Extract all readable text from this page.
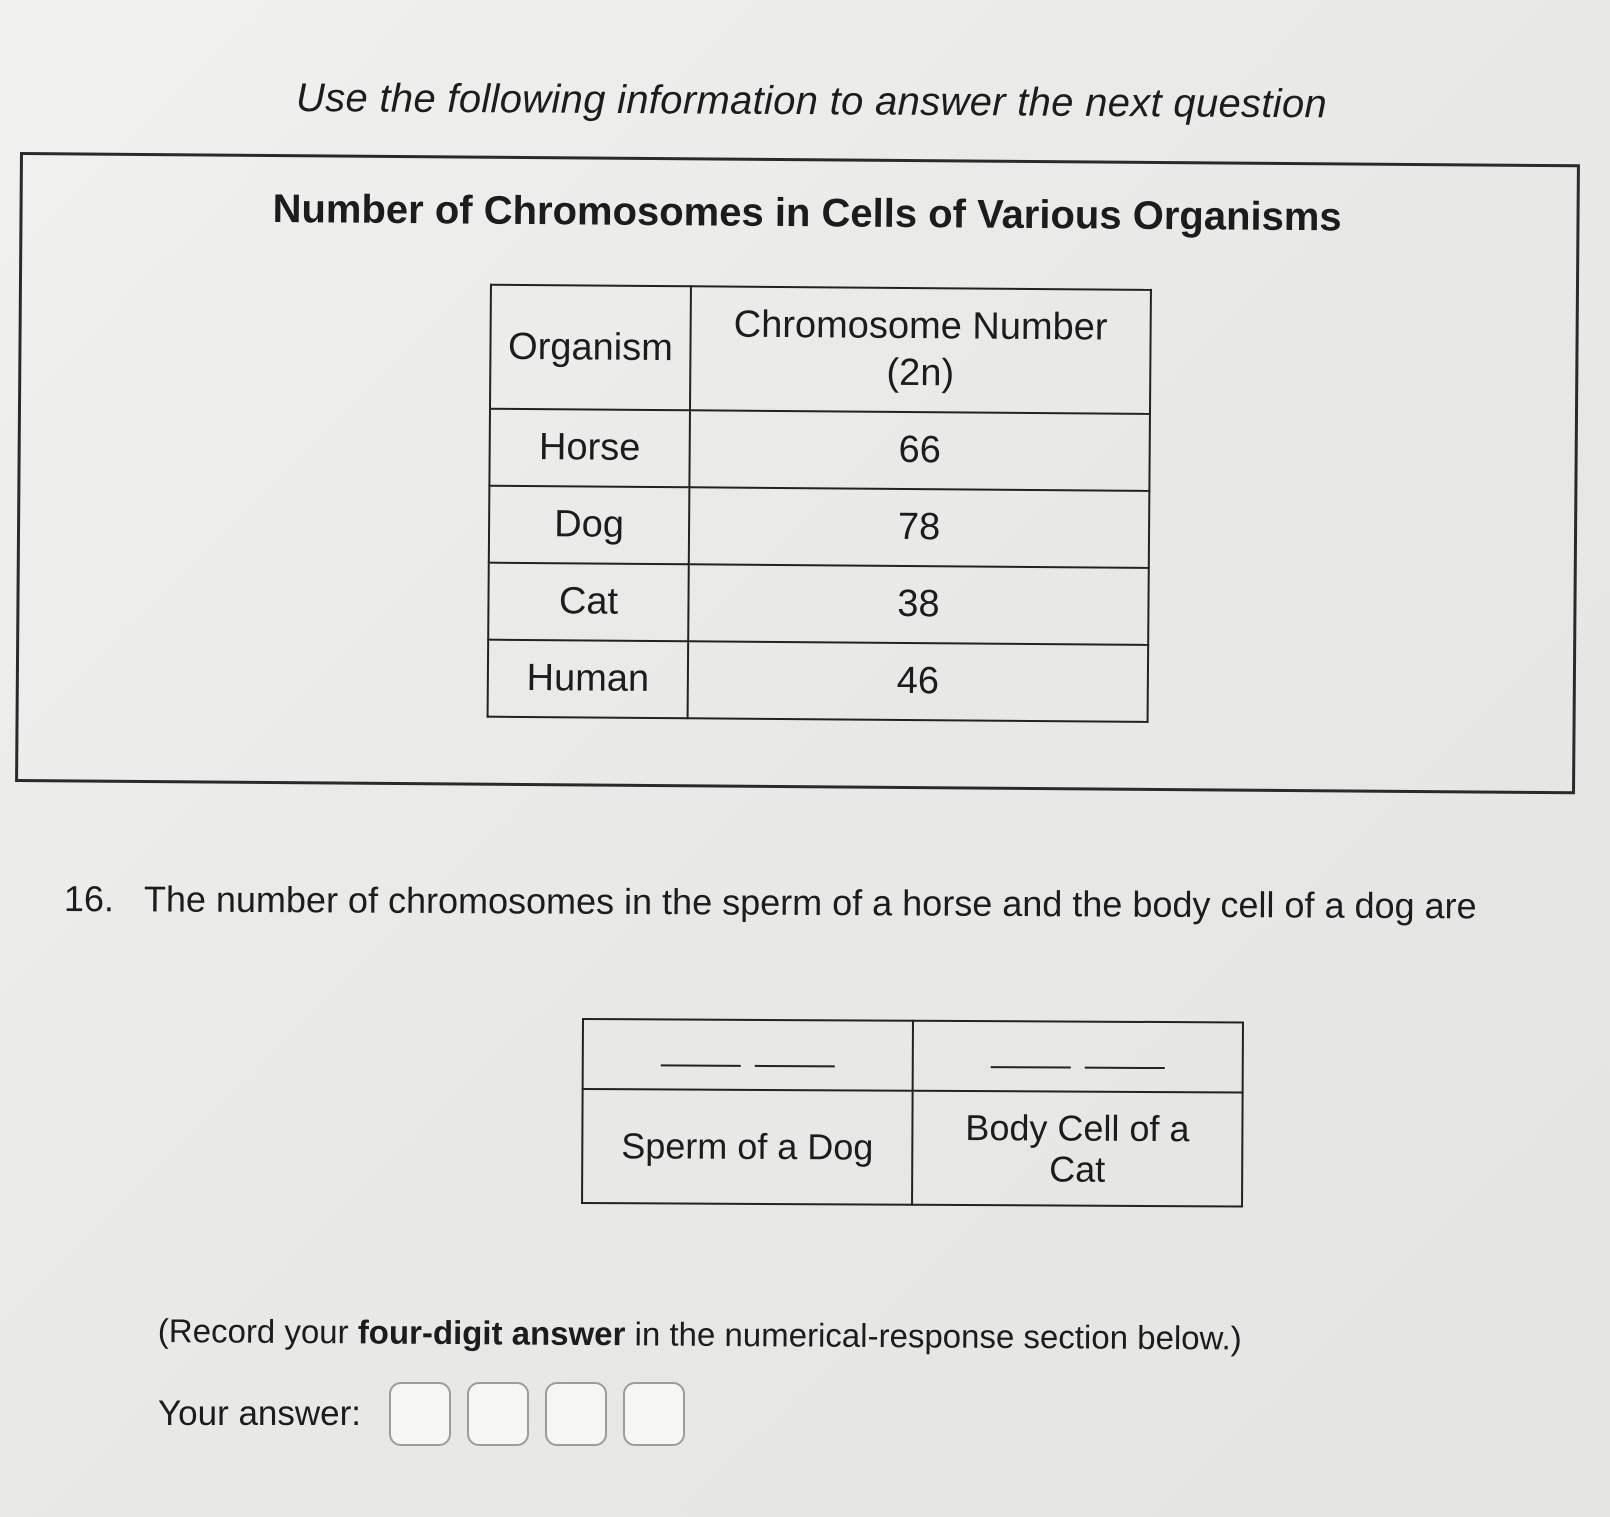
Use the following information to answer the next question
Number of Chromosomes in Cells of Various Organisms
Organism	Chromosome Number
(2n)
Horse	66
Dog	78
Cat	38
Human	46
16. The number of chromosomes in the sperm of a horse and the body cell of a dog are

Sperm of a Dog	Body Cell of a
Cat
(Record your four-digit answer in the numerical-response section below.)
Your answer:
